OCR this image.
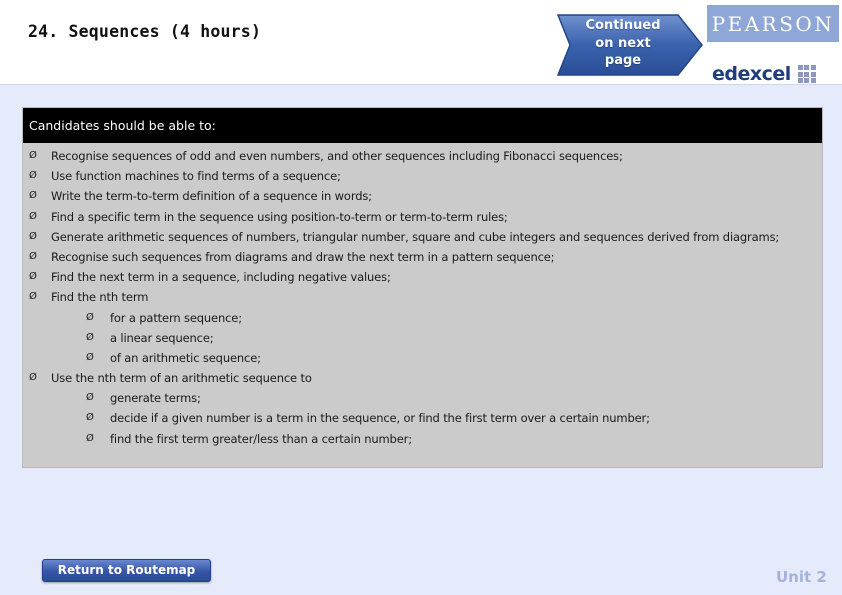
24. Sequences (4 hours)	Continued
on next
page
PEARSON
edexcel
Candidates should be able to:
Ø Recognise sequences of odd and even numbers, and other sequences including Fibonacci sequences;
Ø Use function machines to find terms of a sequence;
Ø Write the term-to-term definition of a sequence in words;
Ø Find a specific term in the sequence using position-to-term or term-to-term rules;
Ø Generate arithmetic sequences of numbers, triangular number, square and cube integers and sequences derived from diagrams;
Ø Recognise such sequences from diagrams and draw the next term in a pattern sequence;
Ø Find the next term in a sequence, including negative values;
Ø Find the nth term
Ø for a pattern sequence;
Ø a linear sequence;
Ø of an arithmetic sequence;
Ø Use the nth term of an arithmetic sequence to
Ø generate terms;
Ø decide if a given number is a term in the sequence, or find the first term over a certain number;
Ø find the first term greater/less than a certain number;
Return to Routemap	Unit 2
